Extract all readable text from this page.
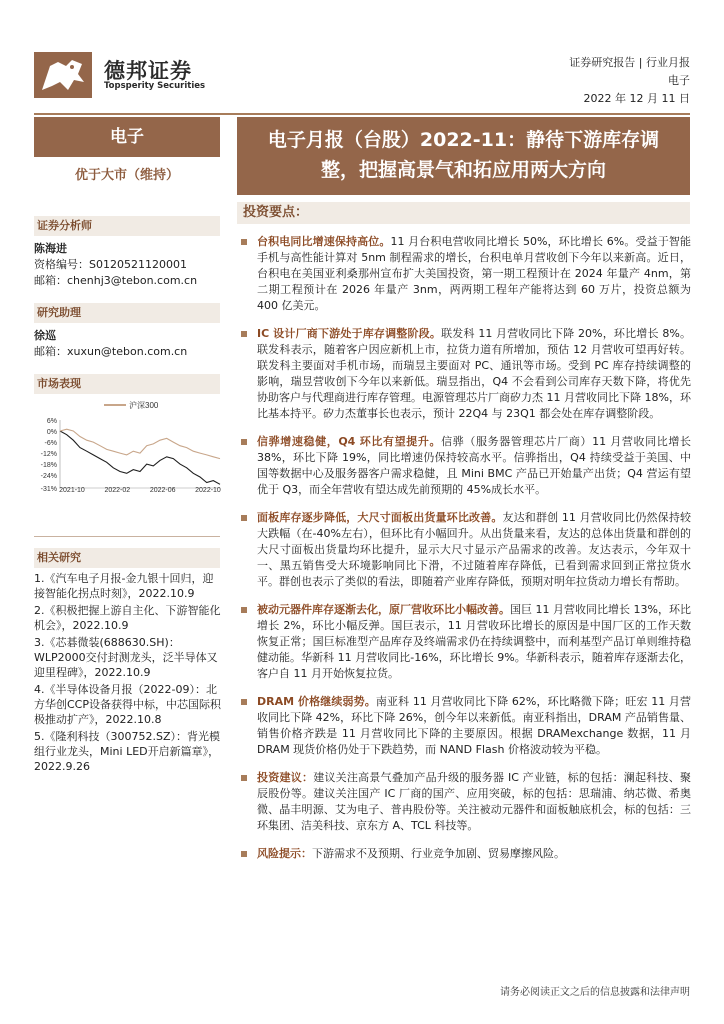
德邦证券
Topsperity Securities
证券研究报告 | 行业月报
电子
2022 年 12 月 11 日
电子
优于大市（维持）
证券分析师
陈海进
资格编号：S0120521120001
邮箱：chenhj3@tebon.com.cn
研究助理
徐巡
邮箱：xuxun@tebon.com.cn
市场表现
6%
0%
-6%
-12%
-18%
-24%
-31% 2021-10	2022-02	2022-06	2022-10
沪深300
相关研究
1.《汽车电子月报-金九银十回归，迎接智能化拐点时刻》，2022.10.9
2.《积极把握上游自主化、下游智能化机会》，2022.10.9
3.《芯碁微装(688630.SH)：WLP2000交付封测龙头，泛半导体又迎里程碑》，2022.10.9
4.《半导体设备月报（2022-09）：北方华创CCP设备获得中标，中芯国际积极推动扩产》，2022.10.8
5.《隆利科技（300752.SZ）：背光模组行业龙头，Mini LED开启新篇章》，2022.9.26
电子月报（台股）2022-11：静待下游库存调
整，把握高景气和拓应用两大方向
投资要点：
台积电同比增速保持高位。11 月台积电营收同比增长 50%，环比增长 6%。受益于智能手机与高性能计算对 5nm 制程需求的增长，台积电单月营收创下今年以来新高。近日，台积电在美国亚利桑那州宣布扩大美国投资，第一期工程预计在 2024 年量产 4nm，第二期工程预计在 2026 年量产 3nm，两两期工程年产能将达到 60 万片，投资总额为 400 亿美元。
IC 设计厂商下游处于库存调整阶段。联发科 11 月营收同比下降 20%，环比增长 8%。联发科表示，随着客户因应新机上市，拉货力道有所增加，预估 12 月营收可望再好转。联发科主要面对手机市场，而瑞昱主要面对 PC、通讯等市场。受到 PC 库存持续调整的影响，瑞昱营收创下今年以来新低。瑞昱指出，Q4 不会看到公司库存天数下降，将优先协助客户与代理商进行库存管理。电源管理芯片厂商矽力杰 11 月营收同比下降 18%，环比基本持平。矽力杰董事长也表示，预计 22Q4 与 23Q1 都会处在库存调整阶段。
信骅增速稳健，Q4 环比有望提升。信骅（服务器管理芯片厂商）11 月营收同比增长 38%，环比下降 19%，同比增速仍保持较高水平。信骅指出，Q4 持续受益于美国、中国等数据中心及服务器客户需求稳健，且 Mini BMC 产品已开始量产出货；Q4 营运有望优于 Q3，而全年营收有望达成先前预期的 45%成长水平。
面板库存逐步降低，大尺寸面板出货量环比改善。友达和群创 11 月营收同比仍然保持较大跌幅（在-40%左右），但环比有小幅回升。从出货量来看，友达的总体出货量和群创的大尺寸面板出货量均环比提升，显示大尺寸显示产品需求的改善。友达表示，今年双十一、黑五销售受大环境影响同比下滑，不过随着库存降低，已看到需求回到正常拉货水平。群创也表示了类似的看法，即随着产业库存降低，预期对明年拉货动力增长有帮助。
被动元器件库存逐渐去化，原厂营收环比小幅改善。国巨 11 月营收同比增长 13%，环比增长 2%，环比小幅反弹。国巨表示，11 月营收环比增长的原因是中国厂区的工作天数恢复正常；国巨标准型产品库存及终端需求仍在持续调整中，而利基型产品订单则维持稳健动能。华新科 11 月营收同比-16%，环比增长 9%。华新科表示，随着库存逐渐去化，客户自 11 月开始恢复拉货。
DRAM 价格继续弱势。南亚科 11 月营收同比下降 62%，环比略微下降；旺宏 11 月营收同比下降 42%，环比下降 26%，创今年以来新低。南亚科指出，DRAM 产品销售量、销售价格齐跌是 11 月营收同比下降的主要原因。根据 DRAMexchange 数据，11 月 DRAM 现货价格仍处于下跌趋势，而 NAND Flash 价格波动较为平稳。
投资建议：建议关注高景气叠加产品升级的服务器 IC 产业链，标的包括：澜起科技、聚辰股份等。建议关注国产 IC 厂商的国产、应用突破，标的包括：思瑞浦、纳芯微、希奥微、晶丰明源、艾为电子、普冉股份等。关注被动元器件和面板触底机会，标的包括：三环集团、洁美科技、京东方 A、TCL 科技等。
风险提示：下游需求不及预期、行业竞争加剧、贸易摩擦风险。
请务必阅读正文之后的信息披露和法律声明
